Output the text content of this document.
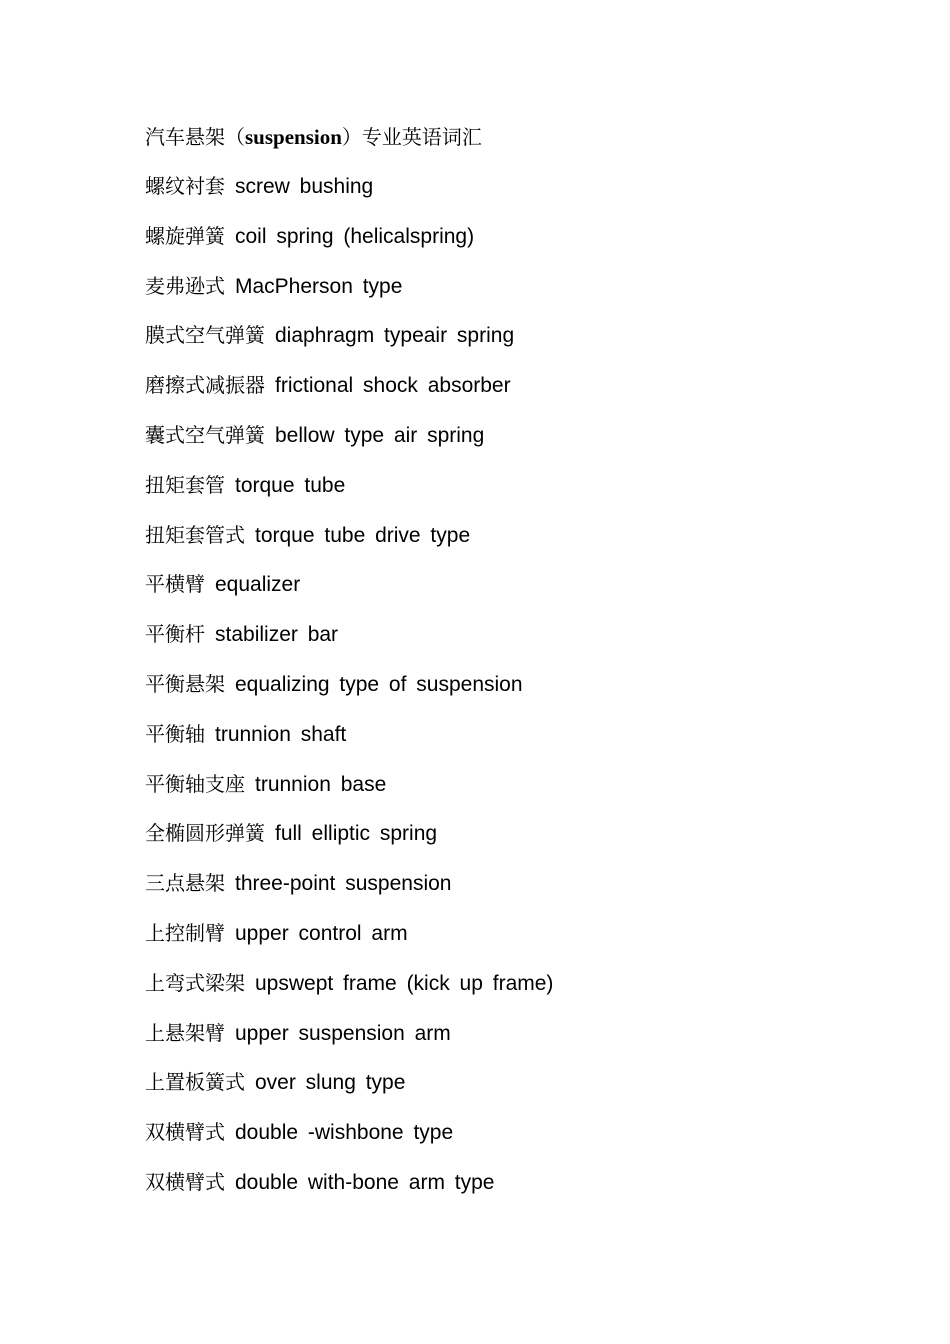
汽车悬架（suspension）专业英语词汇
螺纹衬套 screw bushing
螺旋弹簧 coil spring (helicalspring)
麦弗逊式 MacPherson type
膜式空气弹簧 diaphragm typeair spring
磨擦式减振器 frictional shock absorber
囊式空气弹簧 bellow type air spring
扭矩套管 torque tube
扭矩套管式 torque tube drive type
平横臂 equalizer
平衡杆 stabilizer bar
平衡悬架 equalizing type of suspension
平衡轴 trunnion shaft
平衡轴支座 trunnion base
全椭圆形弹簧 full elliptic spring
三点悬架 three-point suspension
上控制臂 upper control arm
上弯式梁架 upswept frame (kick up frame)
上悬架臂 upper suspension arm
上置板簧式 over slung type
双横臂式 double -wishbone type
双横臂式 double with-bone arm type
